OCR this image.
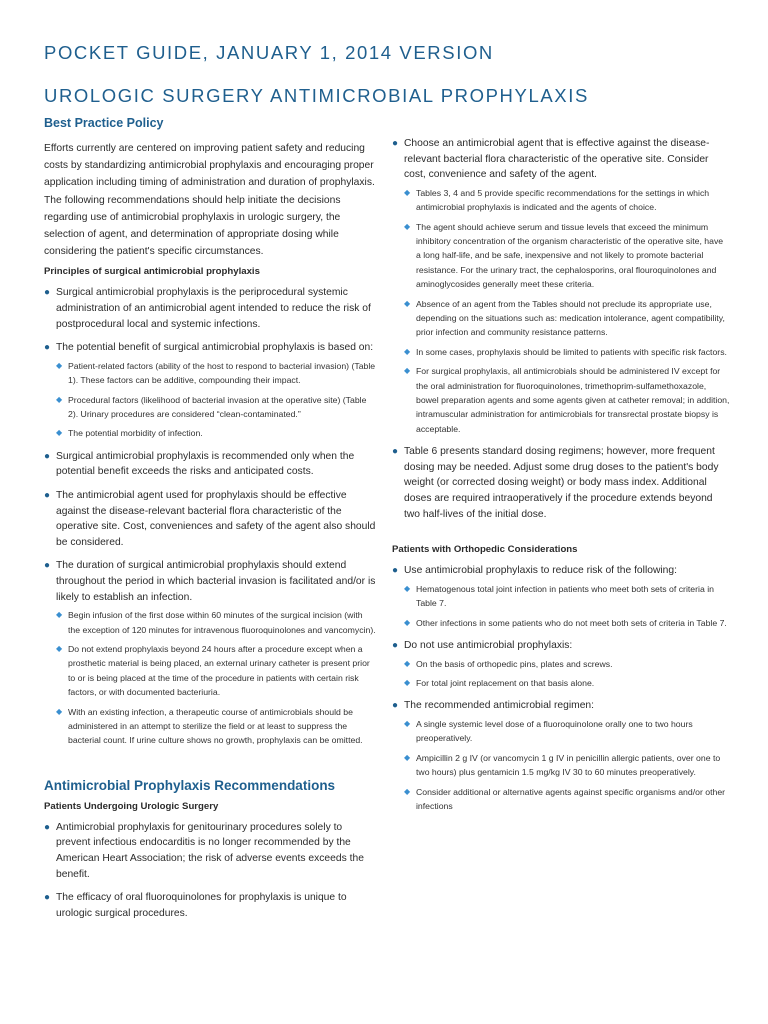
POCKET GUIDE, JANUARY 1, 2014 VERSION
UROLOGIC SURGERY ANTIMICROBIAL PROPHYLAXIS
Best Practice Policy

Efforts currently are centered on improving patient safety and reducing costs by standardizing antimicrobial prophylaxis and encouraging proper application including timing of administration and duration of prophylaxis. The following recommendations should help initiate the decisions regarding use of antimicrobial prophylaxis in urologic surgery, the selection of agent, and determination of appropriate dosing while considering the patient's specific circumstances.

Principles of surgical antimicrobial prophylaxis
● Surgical antimicrobial prophylaxis is the periprocedural systemic administration of an antimicrobial agent intended to reduce the risk of postprocedural local and systemic infections.
● The potential benefit of surgical antimicrobial prophylaxis is based on:
◆ Patient-related factors (ability of the host to respond to bacterial invasion) (Table 1). These factors can be additive, compounding their impact.
◆ Procedural factors (likelihood of bacterial invasion at the operative site) (Table 2). Urinary procedures are considered “clean-contaminated.”
◆ The potential morbidity of infection.
● Surgical antimicrobial prophylaxis is recommended only when the potential benefit exceeds the risks and anticipated costs.
● The antimicrobial agent used for prophylaxis should be effective against the disease-relevant bacterial flora characteristic of the operative site. Cost, conveniences and safety of the agent also should be considered.
● The duration of surgical antimicrobial prophylaxis should extend throughout the period in which bacterial invasion is facilitated and/or is likely to establish an infection.
◆ Begin infusion of the first dose within 60 minutes of the surgical incision (with the exception of 120 minutes for intravenous fluoroquinolones and vancomycin).
◆ Do not extend prophylaxis beyond 24 hours after a procedure except when a prosthetic material is being placed, an external urinary catheter is present prior to or is being placed at the time of the procedure in patients with certain risk factors, or with documented bacteriuria.
◆ With an existing infection, a therapeutic course of antimicrobials should be administered in an attempt to sterilize the field or at least to suppress the bacterial count. If urine culture shows no growth, prophylaxis can be omitted.
Antimicrobial Prophylaxis Recommendations
Patients Undergoing Urologic Surgery
● Antimicrobial prophylaxis for genitourinary procedures solely to prevent infectious endocarditis is no longer recommended by the American Heart Association; the risk of adverse events exceeds the benefit.
● The efficacy of oral fluoroquinolones for prophylaxis is unique to urologic surgical procedures.
● Choose an antimicrobial agent that is effective against the disease-relevant bacterial flora characteristic of the operative site. Consider cost, convenience and safety of the agent.
◆ Tables 3, 4 and 5 provide specific recommendations for the settings in which antimicrobial prophylaxis is indicated and the agents of choice.
◆ The agent should achieve serum and tissue levels that exceed the minimum inhibitory concentration of the organism characteristic of the operative site, have a long half-life, and be safe, inexpensive and not likely to promote bacterial resistance. For the urinary tract, the cephalosporins, oral flouroquinolones and aminoglycosides generally meet these criteria.
◆ Absence of an agent from the Tables should not preclude its appropriate use, depending on the situations such as: medication intolerance, agent compatibility, prior infection and community resistance patterns.
◆ In some cases, prophylaxis should be limited to patients with specific risk factors.
◆ For surgical prophylaxis, all antimicrobials should be administered IV except for the oral administration for fluoroquinolones, trimethoprim-sulfamethoxazole, bowel preparation agents and some agents given at catheter removal; in addition, intramuscular administration for antimicrobials for transrectal prostate biopsy is acceptable.
● Table 6 presents standard dosing regimens; however, more frequent dosing may be needed. Adjust some drug doses to the patient's body weight (or corrected dosing weight) or body mass index. Additional doses are required intraoperatively if the procedure extends beyond two half-lives of the initial dose.
Patients with Orthopedic Considerations
● Use antimicrobial prophylaxis to reduce risk of the following:
◆ Hematogenous total joint infection in patients who meet both sets of criteria in Table 7.
◆ Other infections in some patients who do not meet both sets of criteria in Table 7.
● Do not use antimicrobial prophylaxis:
◆ On the basis of orthopedic pins, plates and screws.
◆ For total joint replacement on that basis alone.
● The recommended antimicrobial regimen:
◆ A single systemic level dose of a fluoroquinolone orally one to two hours preoperatively.
◆ Ampicillin 2 g IV (or vancomycin 1 g IV in penicillin allergic patients, over one to two hours) plus gentamicin 1.5 mg/kg IV 30 to 60 minutes preoperatively.
◆ Consider additional or alternative agents against specific organisms and/or other infections
